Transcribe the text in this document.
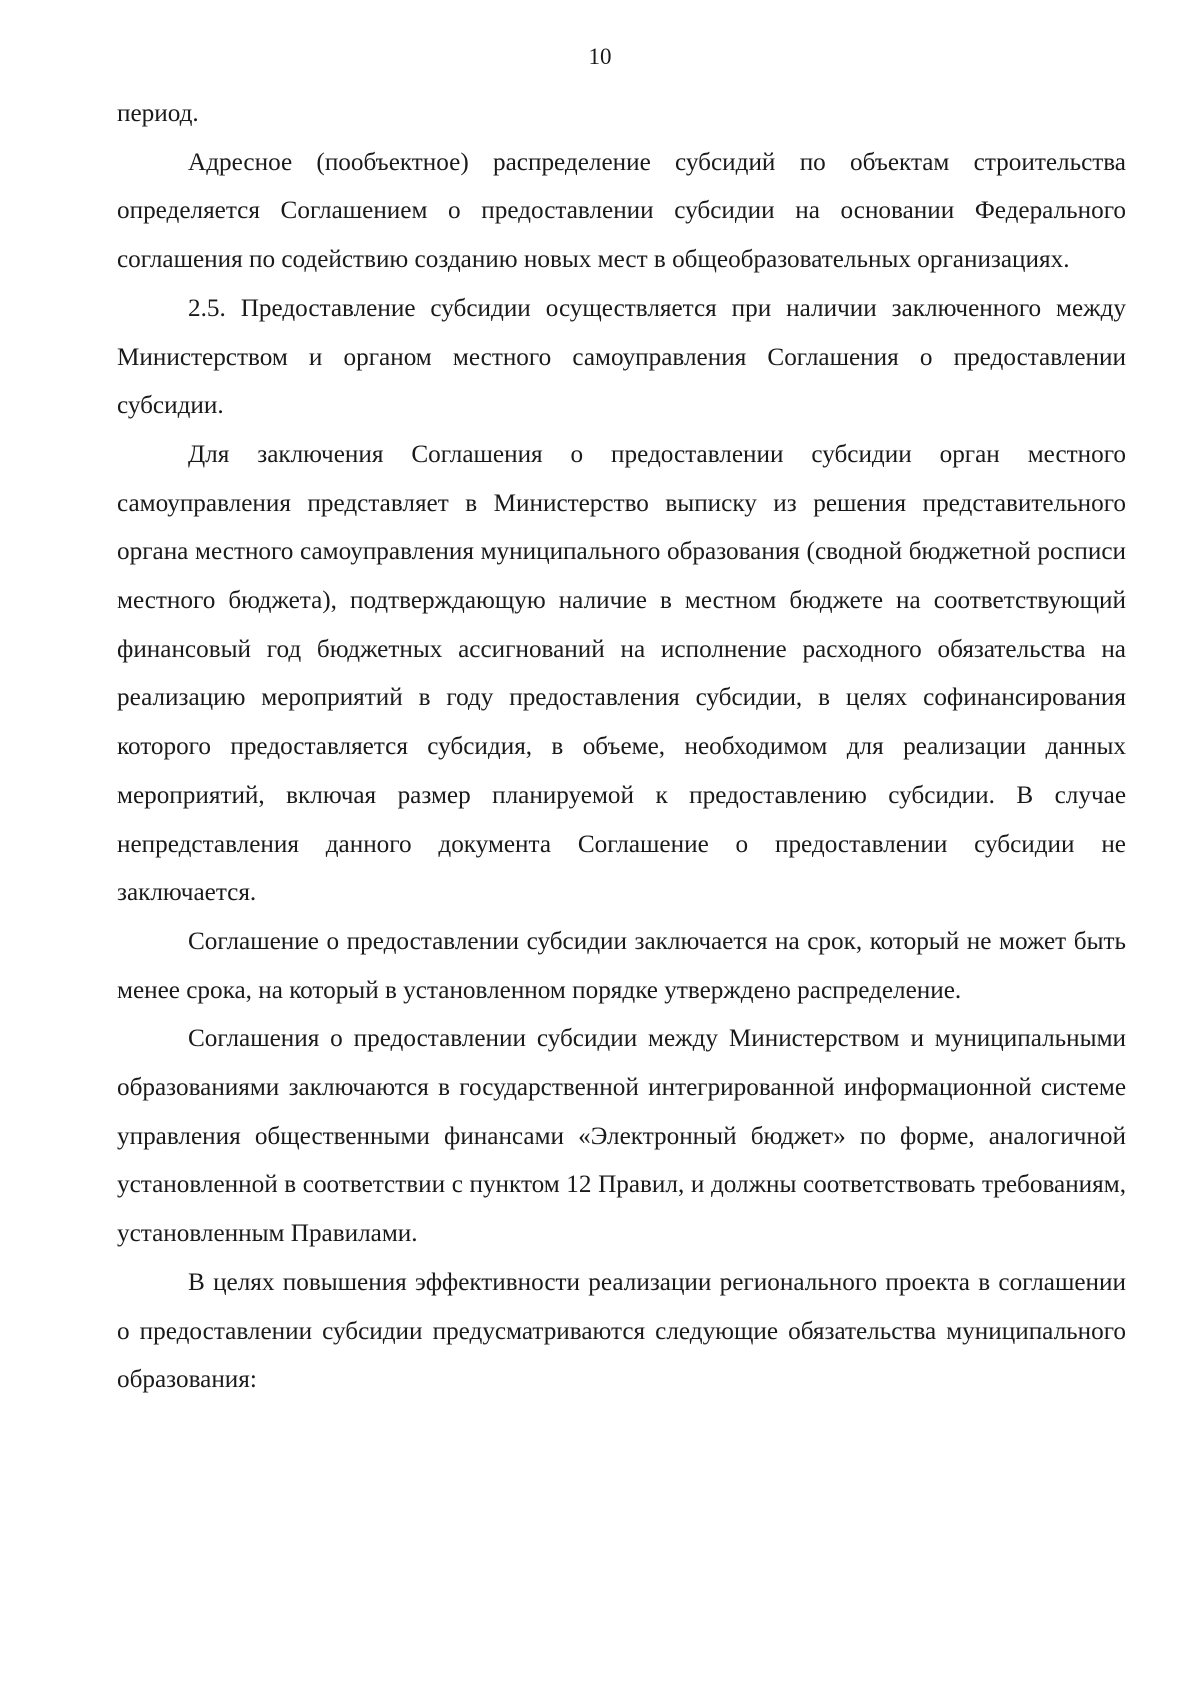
10

период.

Адресное (пообъектное) распределение субсидий по объектам строительства определяется Соглашением о предоставлении субсидии на основании Федерального соглашения по содействию созданию новых мест в общеобразовательных организациях.

2.5. Предоставление субсидии осуществляется при наличии заключенного между Министерством и органом местного самоуправления Соглашения о предоставлении субсидии.

Для заключения Соглашения о предоставлении субсидии орган местного самоуправления представляет в Министерство выписку из решения представительного органа местного самоуправления муниципального образования (сводной бюджетной росписи местного бюджета), подтверждающую наличие в местном бюджете на соответствующий финансовый год бюджетных ассигнований на исполнение расходного обязательства на реализацию мероприятий в году предоставления субсидии, в целях софинансирования которого предоставляется субсидия, в объеме, необходимом для реализации данных мероприятий, включая размер планируемой к предоставлению субсидии. В случае непредставления данного документа Соглашение о предоставлении субсидии не заключается.

Соглашение о предоставлении субсидии заключается на срок, который не может быть менее срока, на который в установленном порядке утверждено распределение.

Соглашения о предоставлении субсидии между Министерством и муниципальными образованиями заключаются в государственной интегрированной информационной системе управления общественными финансами «Электронный бюджет» по форме, аналогичной установленной в соответствии с пунктом 12 Правил, и должны соответствовать требованиям, установленным Правилами.

В целях повышения эффективности реализации регионального проекта в соглашении о предоставлении субсидии предусматриваются следующие обязательства муниципального образования:
